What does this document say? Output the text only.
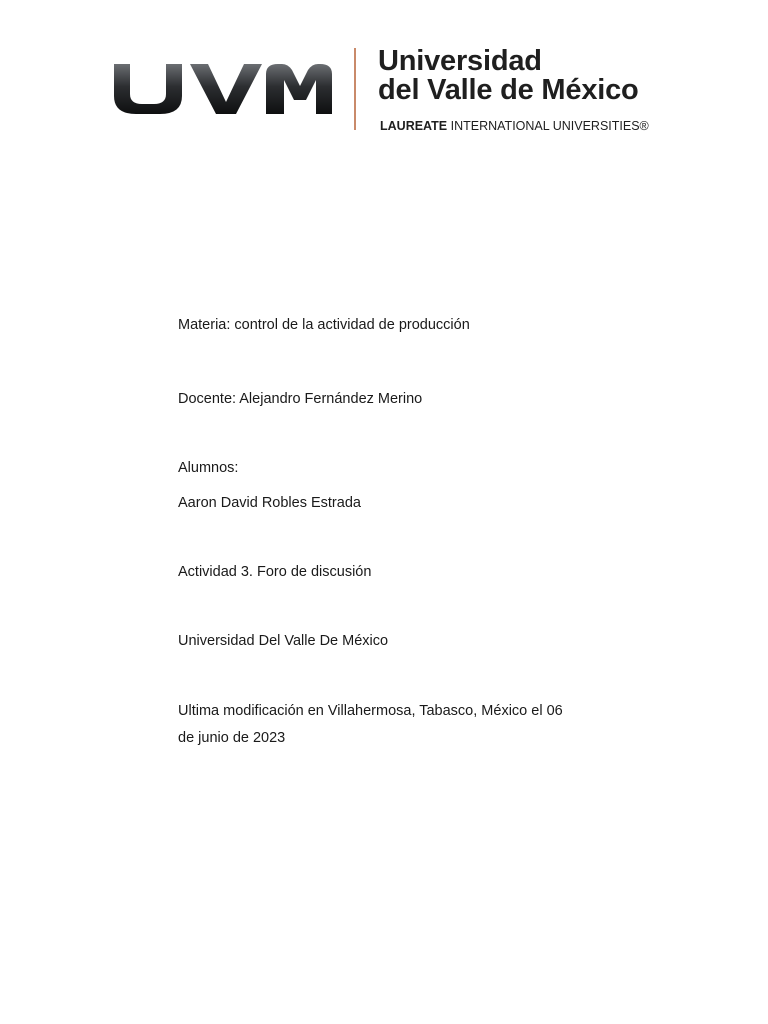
Universidad
del Valle de México
LAUREATE INTERNATIONAL UNIVERSITIES®
Materia: control de la actividad de producción
Docente: Alejandro Fernández Merino
Alumnos:
Aaron David Robles Estrada
Actividad 3. Foro de discusión
Universidad Del Valle De México
Ultima modificación en Villahermosa, Tabasco, México el 06
de junio de 2023
